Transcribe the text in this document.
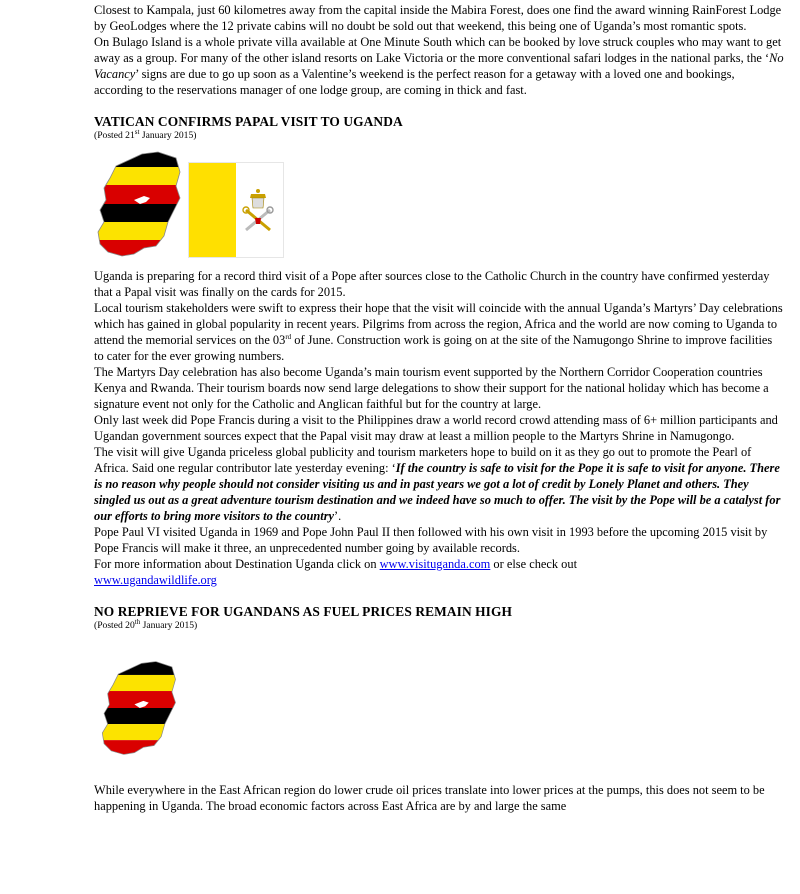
Closest to Kampala, just 60 kilometres away from the capital inside the Mabira Forest, does one find the award winning RainForest Lodge by GeoLodges where the 12 private cabins will no doubt be sold out that weekend, this being one of Uganda’s most romantic spots.

On Bulago Island is a whole private villa available at One Minute South which can be booked by love struck couples who may want to get away as a group. For many of the other island resorts on Lake Victoria or the more conventional safari lodges in the national parks, the ‘No Vacancy’ signs are due to go up soon as a Valentine’s weekend is the perfect reason for a getaway with a loved one and bookings, according to the reservations manager of one lodge group, are coming in thick and fast.

VATICAN CONFIRMS PAPAL VISIT TO UGANDA

(Posted 21st January 2015)

Uganda is preparing for a record third visit of a Pope after sources close to the Catholic Church in the country have confirmed yesterday that a Papal visit was finally on the cards for 2015.

Local tourism stakeholders were swift to express their hope that the visit will coincide with the annual Uganda’s Martyrs’ Day celebrations which has gained in global popularity in recent years. Pilgrims from across the region, Africa and the world are now coming to Uganda to attend the memorial services on the 03rd of June. Construction work is going on at the site of the Namugongo Shrine to improve facilities to cater for the ever growing numbers.

The Martyrs Day celebration has also become Uganda’s main tourism event supported by the Northern Corridor Cooperation countries Kenya and Rwanda. Their tourism boards now send large delegations to show their support for the national holiday which has become a signature event not only for the Catholic and Anglican faithful but for the country at large.

Only last week did Pope Francis during a visit to the Philippines draw a world record crowd attending mass of 6+ million participants and Ugandan government sources expect that the Papal visit may draw at least a million people to the Martyrs Shrine in Namugongo.

The visit will give Uganda priceless global publicity and tourism marketers hope to build on it as they go out to promote the Pearl of Africa. Said one regular contributor late yesterday evening: ‘If the country is safe to visit for the Pope it is safe to visit for anyone. There is no reason why people should not consider visiting us and in past years we got a lot of credit by Lonely Planet and others. They singled us out as a great adventure tourism destination and we indeed have so much to offer. The visit by the Pope will be a catalyst for our efforts to bring more visitors to the country’.

Pope Paul VI visited Uganda in 1969 and Pope John Paul II then followed with his own visit in 1993 before the upcoming 2015 visit by Pope Francis will make it three, an unprecedented number going by available records.

For more information about Destination Uganda click on www.visituganda.com or else check out
www.ugandawildlife.org

NO REPRIEVE FOR UGANDANS AS FUEL PRICES REMAIN HIGH

(Posted 20th January 2015)

While everywhere in the East African region do lower crude oil prices translate into lower prices at the pumps, this does not seem to be happening in Uganda. The broad economic factors across East Africa are by and large the same
